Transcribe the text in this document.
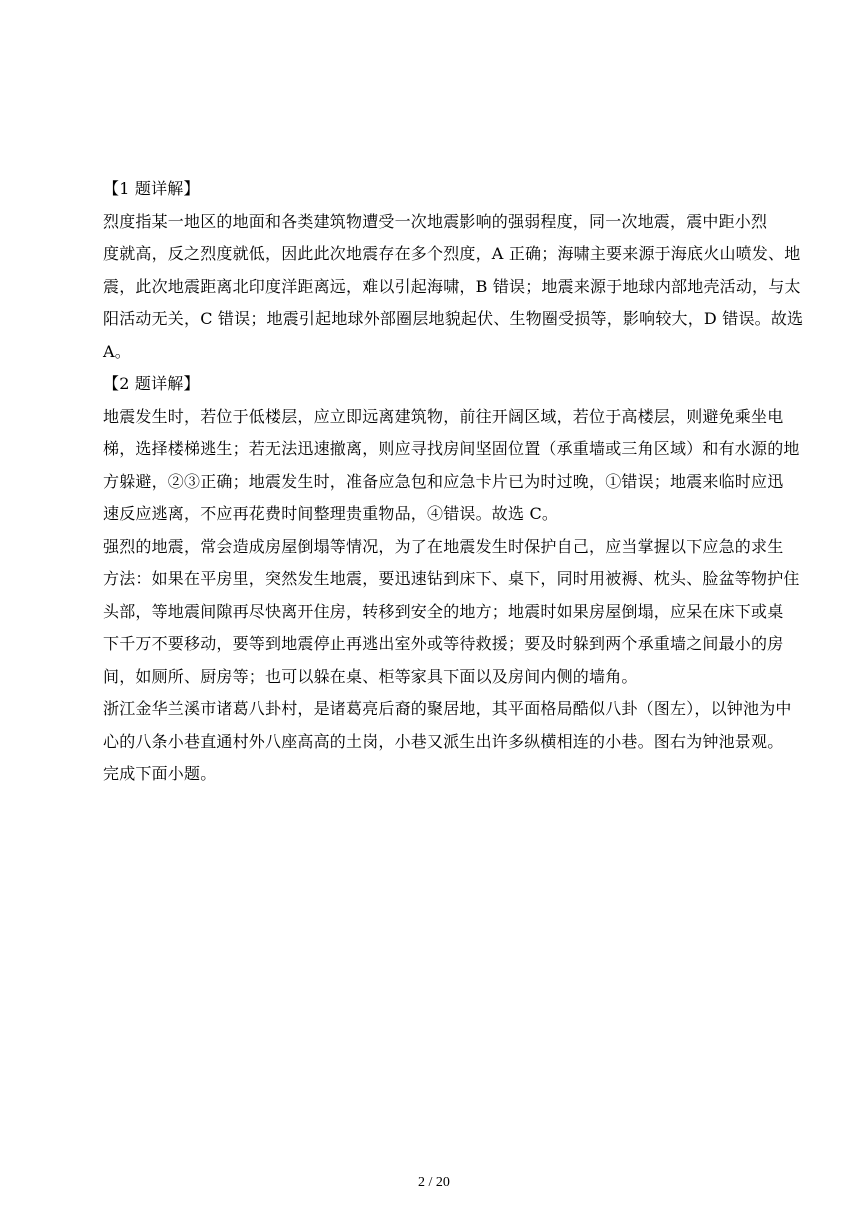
【1 题详解】
烈度指某一地区的地面和各类建筑物遭受一次地震影响的强弱程度，同一次地震，震中距小烈
度就高，反之烈度就低，因此此次地震存在多个烈度，A 正确；海啸主要来源于海底火山喷发、地
震，此次地震距离北印度洋距离远，难以引起海啸，B 错误；地震来源于地球内部地壳活动，与太
阳活动无关，C 错误；地震引起地球外部圈层地貌起伏、生物圈受损等，影响较大，D 错误。故选
A。
【2 题详解】
地震发生时，若位于低楼层，应立即远离建筑物，前往开阔区域，若位于高楼层，则避免乘坐电
梯，选择楼梯逃生；若无法迅速撤离，则应寻找房间坚固位置（承重墙或三角区域）和有水源的地
方躲避，②③正确；地震发生时，准备应急包和应急卡片已为时过晚，①错误；地震来临时应迅
速反应逃离，不应再花费时间整理贵重物品，④错误。故选 C。
强烈的地震，常会造成房屋倒塌等情况，为了在地震发生时保护自己，应当掌握以下应急的求生
方法：如果在平房里，突然发生地震，要迅速钻到床下、桌下，同时用被褥、枕头、脸盆等物护住
头部，等地震间隙再尽快离开住房，转移到安全的地方；地震时如果房屋倒塌，应呆在床下或桌
下千万不要移动，要等到地震停止再逃出室外或等待救援；要及时躲到两个承重墙之间最小的房
间，如厕所、厨房等；也可以躲在桌、柜等家具下面以及房间内侧的墙角。
浙江金华兰溪市诸葛八卦村，是诸葛亮后裔的聚居地，其平面格局酷似八卦（图左），以钟池为中
心的八条小巷直通村外八座高高的土岗，小巷又派生出许多纵横相连的小巷。图右为钟池景观。
完成下面小题。
2 / 20
